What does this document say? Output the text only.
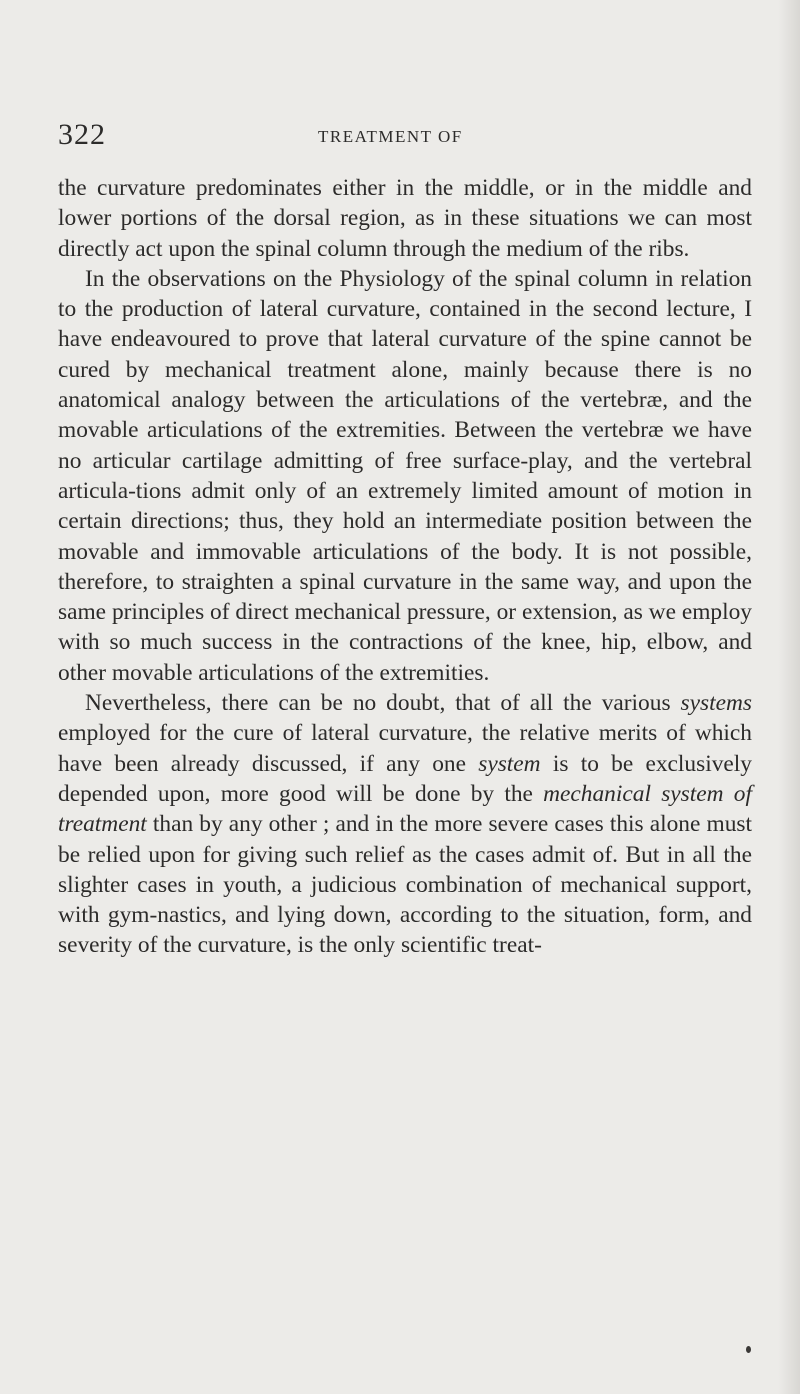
322	TREATMENT OF

the curvature predominates either in the middle, or in the middle and lower portions of the dorsal region, as in these situations we can most directly act upon the spinal column through the medium of the ribs.

In the observations on the Physiology of the spinal column in relation to the production of lateral curvature, contained in the second lecture, I have endeavoured to prove that lateral curvature of the spine cannot be cured by mechanical treatment alone, mainly because there is no anatomical analogy between the articulations of the vertebræ, and the movable articulations of the extremities. Between the vertebræ we have no articular cartilage admitting of free surface-play, and the vertebral articula-tions admit only of an extremely limited amount of motion in certain directions; thus, they hold an intermediate position between the movable and immovable articulations of the body. It is not possible, therefore, to straighten a spinal curvature in the same way, and upon the same principles of direct mechanical pressure, or extension, as we employ with so much success in the contractions of the knee, hip, elbow, and other movable articulations of the extremities.

Nevertheless, there can be no doubt, that of all the various systems employed for the cure of lateral curvature, the relative merits of which have been already discussed, if any one system is to be exclusively depended upon, more good will be done by the mechanical system of treatment than by any other ; and in the more severe cases this alone must be relied upon for giving such relief as the cases admit of. But in all the slighter cases in youth, a judicious combination of mechanical support, with gym-nastics, and lying down, according to the situation, form, and severity of the curvature, is the only scientific treat-
